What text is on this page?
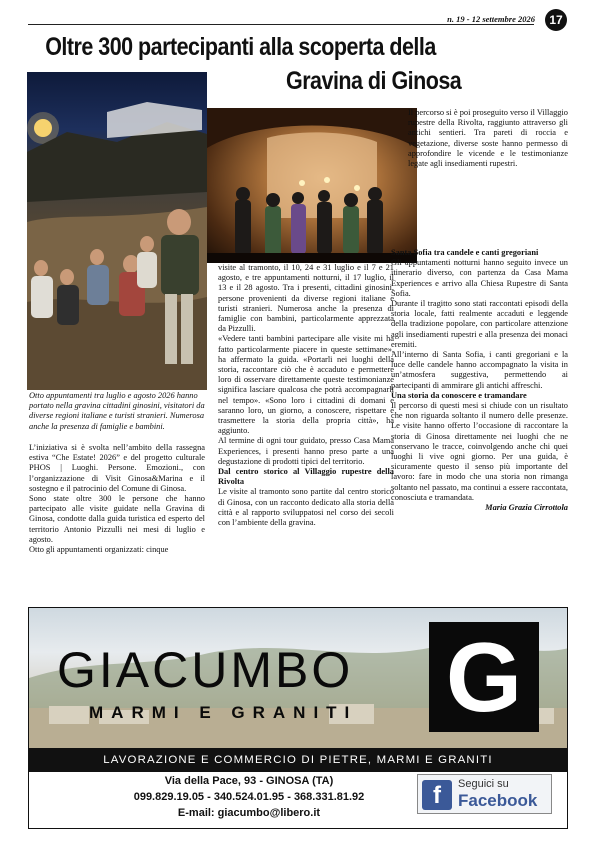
n. 19 - 12 settembre 2026	17
Oltre 300 partecipanti alla scoperta della
Gravina di Ginosa
Otto appuntamenti tra luglio e agosto 2026 hanno portato nella gravina cittadini ginosini, visitatori da diverse regioni italiane e turisti stranieri. Numerosa anche la presenza di famiglie e bambini.

L’iniziativa si è svolta nell’ambito della rassegna estiva “Che Estate! 2026” e del progetto culturale PHOS | Luoghi. Persone. Emozioni., con l’organizzazione di Visit Ginosa&Marina e il sostegno e il patrocinio del Comune di Ginosa.

Sono state oltre 300 le persone che hanno partecipato alle visite guidate nella Gravina di Ginosa, condotte dalla guida turistica ed esperto del territorio Antonio Pizzulli nei mesi di luglio e agosto.

Otto gli appuntamenti organizzati: cinque

visite al tramonto, il 10, 24 e 31 luglio e il 7 e 21 agosto, e tre appuntamenti notturni, il 17 luglio, il 13 e il 28 agosto. Tra i presenti, cittadini ginosini, persone provenienti da diverse regioni italiane e turisti stranieri. Numerosa anche la presenza di famiglie con bambini, particolarmente apprezzata da Pizzulli.

«Vedere tanti bambini partecipare alle visite mi ha fatto particolarmente piacere in queste settimane», ha affermato la guida. «Portarli nei luoghi della storia, raccontare ciò che è accaduto e permettere loro di osservare direttamente queste testimonianze significa lasciare qualcosa che potrà accompagnarli nel tempo». «Sono loro i cittadini di domani e saranno loro, un giorno, a conoscere, rispettare e trasmettere la storia della propria città», ha aggiunto.

Al termine di ogni tour guidato, presso Casa Mama Experiences, i presenti hanno preso parte a una degustazione di prodotti tipici del territorio.

Dal centro storico al Villaggio rupestre della Rivolta

Le visite al tramonto sono partite dal centro storico di Ginosa, con un racconto dedicato alla storia della città e al rapporto sviluppatosi nel corso dei secoli con l’ambiente della gravina.

Il percorso si è poi proseguito verso il Villaggio rupestre della Rivolta, raggiunto attraverso gli antichi sentieri. Tra pareti di roccia e vegetazione, diverse soste hanno permesso di approfondire le vicende e le testimonianze legate agli insediamenti rupestri.

Santa Sofia tra candele e canti gregoriani

Gli appuntamenti notturni hanno seguito invece un itinerario diverso, con partenza da Casa Mama Experiences e arrivo alla Chiesa Rupestre di Santa Sofia.

Durante il tragitto sono stati raccontati episodi della storia locale, fatti realmente accaduti e leggende della tradizione popolare, con particolare attenzione agli insediamenti rupestri e alla presenza dei monaci eremiti.

All’interno di Santa Sofia, i canti gregoriani e la luce delle candele hanno accompagnato la visita in un’atmosfera suggestiva, permettendo ai partecipanti di ammirare gli antichi affreschi.

Una storia da conoscere e tramandare

Il percorso di questi mesi si chiude con un risultato che non riguarda soltanto il numero delle presenze. Le visite hanno offerto l’occasione di raccontare la storia di Ginosa direttamente nei luoghi che ne conservano le tracce, coinvolgendo anche chi quei luoghi li vive ogni giorno. Per una guida, è sicuramente questo il senso più importante del lavoro: fare in modo che una storia non rimanga soltanto nel passato, ma continui a essere raccontata, conosciuta e tramandata.

Maria Grazia Cirrottola

GIACUMBO
MARMI E GRANITI G
LAVORAZIONE E COMMERCIO DI PIETRE, MARMI E GRANITI
Via della Pace, 93 - GINOSA (TA)
099.829.19.05 - 340.524.01.95 - 368.331.81.92
E-mail: giacumbo@libero.it
f	Seguici su
Facebook
